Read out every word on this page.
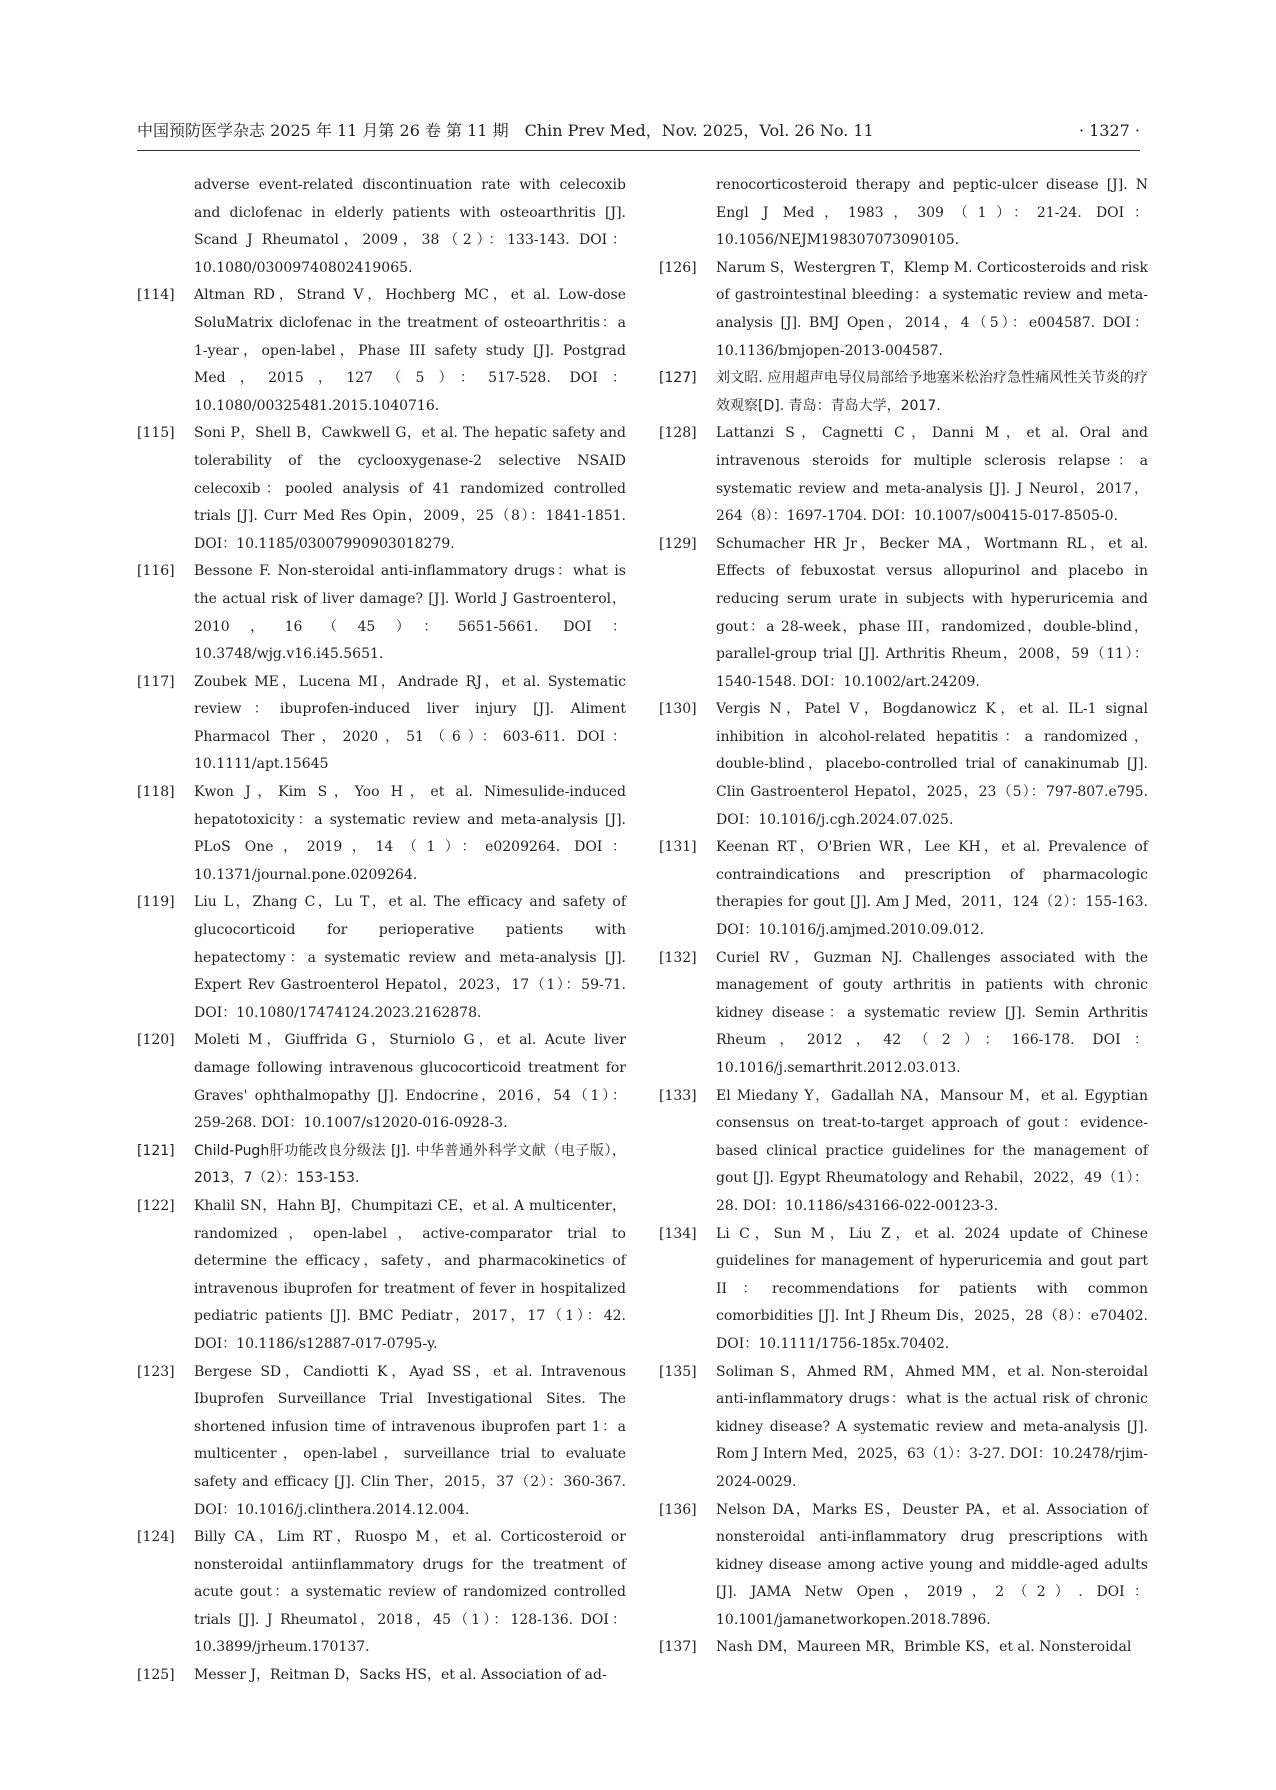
中国预防医学杂志 2025 年 11 月第 26 卷 第 11 期　Chin Prev Med，Nov. 2025，Vol. 26 No. 11	· 1327 ·
adverse event-related discontinuation rate with celecoxib and diclofenac in elderly patients with osteoarthritis [J]. Scand J Rheumatol，2009，38（2）：133-143. DOI：10.1080/03009740802419065.
[114] Altman RD，Strand V，Hochberg MC，et al. Low-dose SoluMatrix diclofenac in the treatment of osteoarthritis：a 1-year，open-label，Phase III safety study [J]. Postgrad Med，2015，127（5）：517-528. DOI：10.1080/00325481.2015.1040716.
[115] Soni P，Shell B，Cawkwell G，et al. The hepatic safety and tolerability of the cyclooxygenase-2 selective NSAID celecoxib：pooled analysis of 41 randomized controlled trials [J]. Curr Med Res Opin，2009，25（8）：1841-1851. DOI：10.1185/03007990903018279.
[116] Bessone F. Non-steroidal anti-inflammatory drugs：what is the actual risk of liver damage? [J]. World J Gastroenterol，2010，16（45）：5651-5661. DOI：10.3748/wjg.v16.i45.5651.
[117] Zoubek ME，Lucena MI，Andrade RJ，et al. Systematic review：ibuprofen-induced liver injury [J]. Aliment Pharmacol Ther，2020，51（6）：603-611. DOI：10.1111/apt.15645
[118] Kwon J，Kim S，Yoo H，et al. Nimesulide-induced hepatotoxicity：a systematic review and meta-analysis [J]. PLoS One，2019，14（1）：e0209264. DOI：10.1371/journal.pone.0209264.
[119] Liu L，Zhang C，Lu T，et al. The efficacy and safety of glucocorticoid for perioperative patients with hepatectomy：a systematic review and meta-analysis [J]. Expert Rev Gastroenterol Hepatol，2023，17（1）：59-71. DOI：10.1080/17474124.2023.2162878.
[120] Moleti M，Giuffrida G，Sturniolo G，et al. Acute liver damage following intravenous glucocorticoid treatment for Graves' ophthalmopathy [J]. Endocrine，2016，54（1）：259-268. DOI：10.1007/s12020-016-0928-3.
[121] Child-Pugh肝功能改良分级法 [J]. 中华普通外科学文献（电子版），2013，7（2）：153-153.
[122] Khalil SN，Hahn BJ，Chumpitazi CE，et al. A multicenter，randomized，open-label，active-comparator trial to determine the efficacy，safety，and pharmacokinetics of intravenous ibuprofen for treatment of fever in hospitalized pediatric patients [J]. BMC Pediatr，2017，17（1）：42. DOI：10.1186/s12887-017-0795-y.
[123] Bergese SD，Candiotti K，Ayad SS，et al. Intravenous Ibuprofen Surveillance Trial Investigational Sites. The shortened infusion time of intravenous ibuprofen part 1：a multicenter，open-label，surveillance trial to evaluate safety and efficacy [J]. Clin Ther，2015，37（2）：360-367. DOI：10.1016/j.clinthera.2014.12.004.
[124] Billy CA，Lim RT，Ruospo M，et al. Corticosteroid or nonsteroidal antiinflammatory drugs for the treatment of acute gout：a systematic review of randomized controlled trials [J]. J Rheumatol，2018，45（1）：128-136. DOI：10.3899/jrheum.170137.
[125] Messer J，Reitman D，Sacks HS，et al. Association of ad-
renocorticosteroid therapy and peptic-ulcer disease [J]. N Engl J Med，1983，309（1）：21-24. DOI：10.1056/NEJM198307073090105.
[126] Narum S，Westergren T，Klemp M. Corticosteroids and risk of gastrointestinal bleeding：a systematic review and meta-analysis [J]. BMJ Open，2014，4（5）：e004587. DOI：10.1136/bmjopen-2013-004587.
[127] 刘文昭. 应用超声电导仪局部给予地塞米松治疗急性痛风性关节炎的疗效观察[D]. 青岛：青岛大学，2017.
[128] Lattanzi S，Cagnetti C，Danni M，et al. Oral and intravenous steroids for multiple sclerosis relapse：a systematic review and meta-analysis [J]. J Neurol，2017，264（8）：1697-1704. DOI：10.1007/s00415-017-8505-0.
[129] Schumacher HR Jr，Becker MA，Wortmann RL，et al. Effects of febuxostat versus allopurinol and placebo in reducing serum urate in subjects with hyperuricemia and gout：a 28-week，phase III，randomized，double-blind，parallel-group trial [J]. Arthritis Rheum，2008，59（11）：1540-1548. DOI：10.1002/art.24209.
[130] Vergis N，Patel V，Bogdanowicz K，et al. IL-1 signal inhibition in alcohol-related hepatitis：a randomized，double-blind，placebo-controlled trial of canakinumab [J]. Clin Gastroenterol Hepatol，2025，23（5）：797-807.e795. DOI：10.1016/j.cgh.2024.07.025.
[131] Keenan RT，O'Brien WR，Lee KH，et al. Prevalence of contraindications and prescription of pharmacologic therapies for gout [J]. Am J Med，2011，124（2）：155-163. DOI：10.1016/j.amjmed.2010.09.012.
[132] Curiel RV，Guzman NJ. Challenges associated with the management of gouty arthritis in patients with chronic kidney disease：a systematic review [J]. Semin Arthritis Rheum，2012，42（2）：166-178. DOI：10.1016/j.semarthrit.2012.03.013.
[133] El Miedany Y，Gadallah NA，Mansour M，et al. Egyptian consensus on treat-to-target approach of gout：evidence-based clinical practice guidelines for the management of gout [J]. Egypt Rheumatology and Rehabil，2022，49（1）：28. DOI：10.1186/s43166-022-00123-3.
[134] Li C，Sun M，Liu Z，et al. 2024 update of Chinese guidelines for management of hyperuricemia and gout part II：recommendations for patients with common comorbidities [J]. Int J Rheum Dis，2025，28（8）：e70402. DOI：10.1111/1756-185x.70402.
[135] Soliman S，Ahmed RM，Ahmed MM，et al. Non-steroidal anti-inflammatory drugs：what is the actual risk of chronic kidney disease? A systematic review and meta-analysis [J]. Rom J Intern Med，2025，63（1）：3-27. DOI：10.2478/rjim-2024-0029.
[136] Nelson DA，Marks ES，Deuster PA，et al. Association of nonsteroidal anti-inflammatory drug prescriptions with kidney disease among active young and middle-aged adults [J]. JAMA Netw Open，2019，2（2）. DOI：10.1001/jamanetworkopen.2018.7896.
[137] Nash DM，Maureen MR，Brimble KS，et al. Nonsteroidal
